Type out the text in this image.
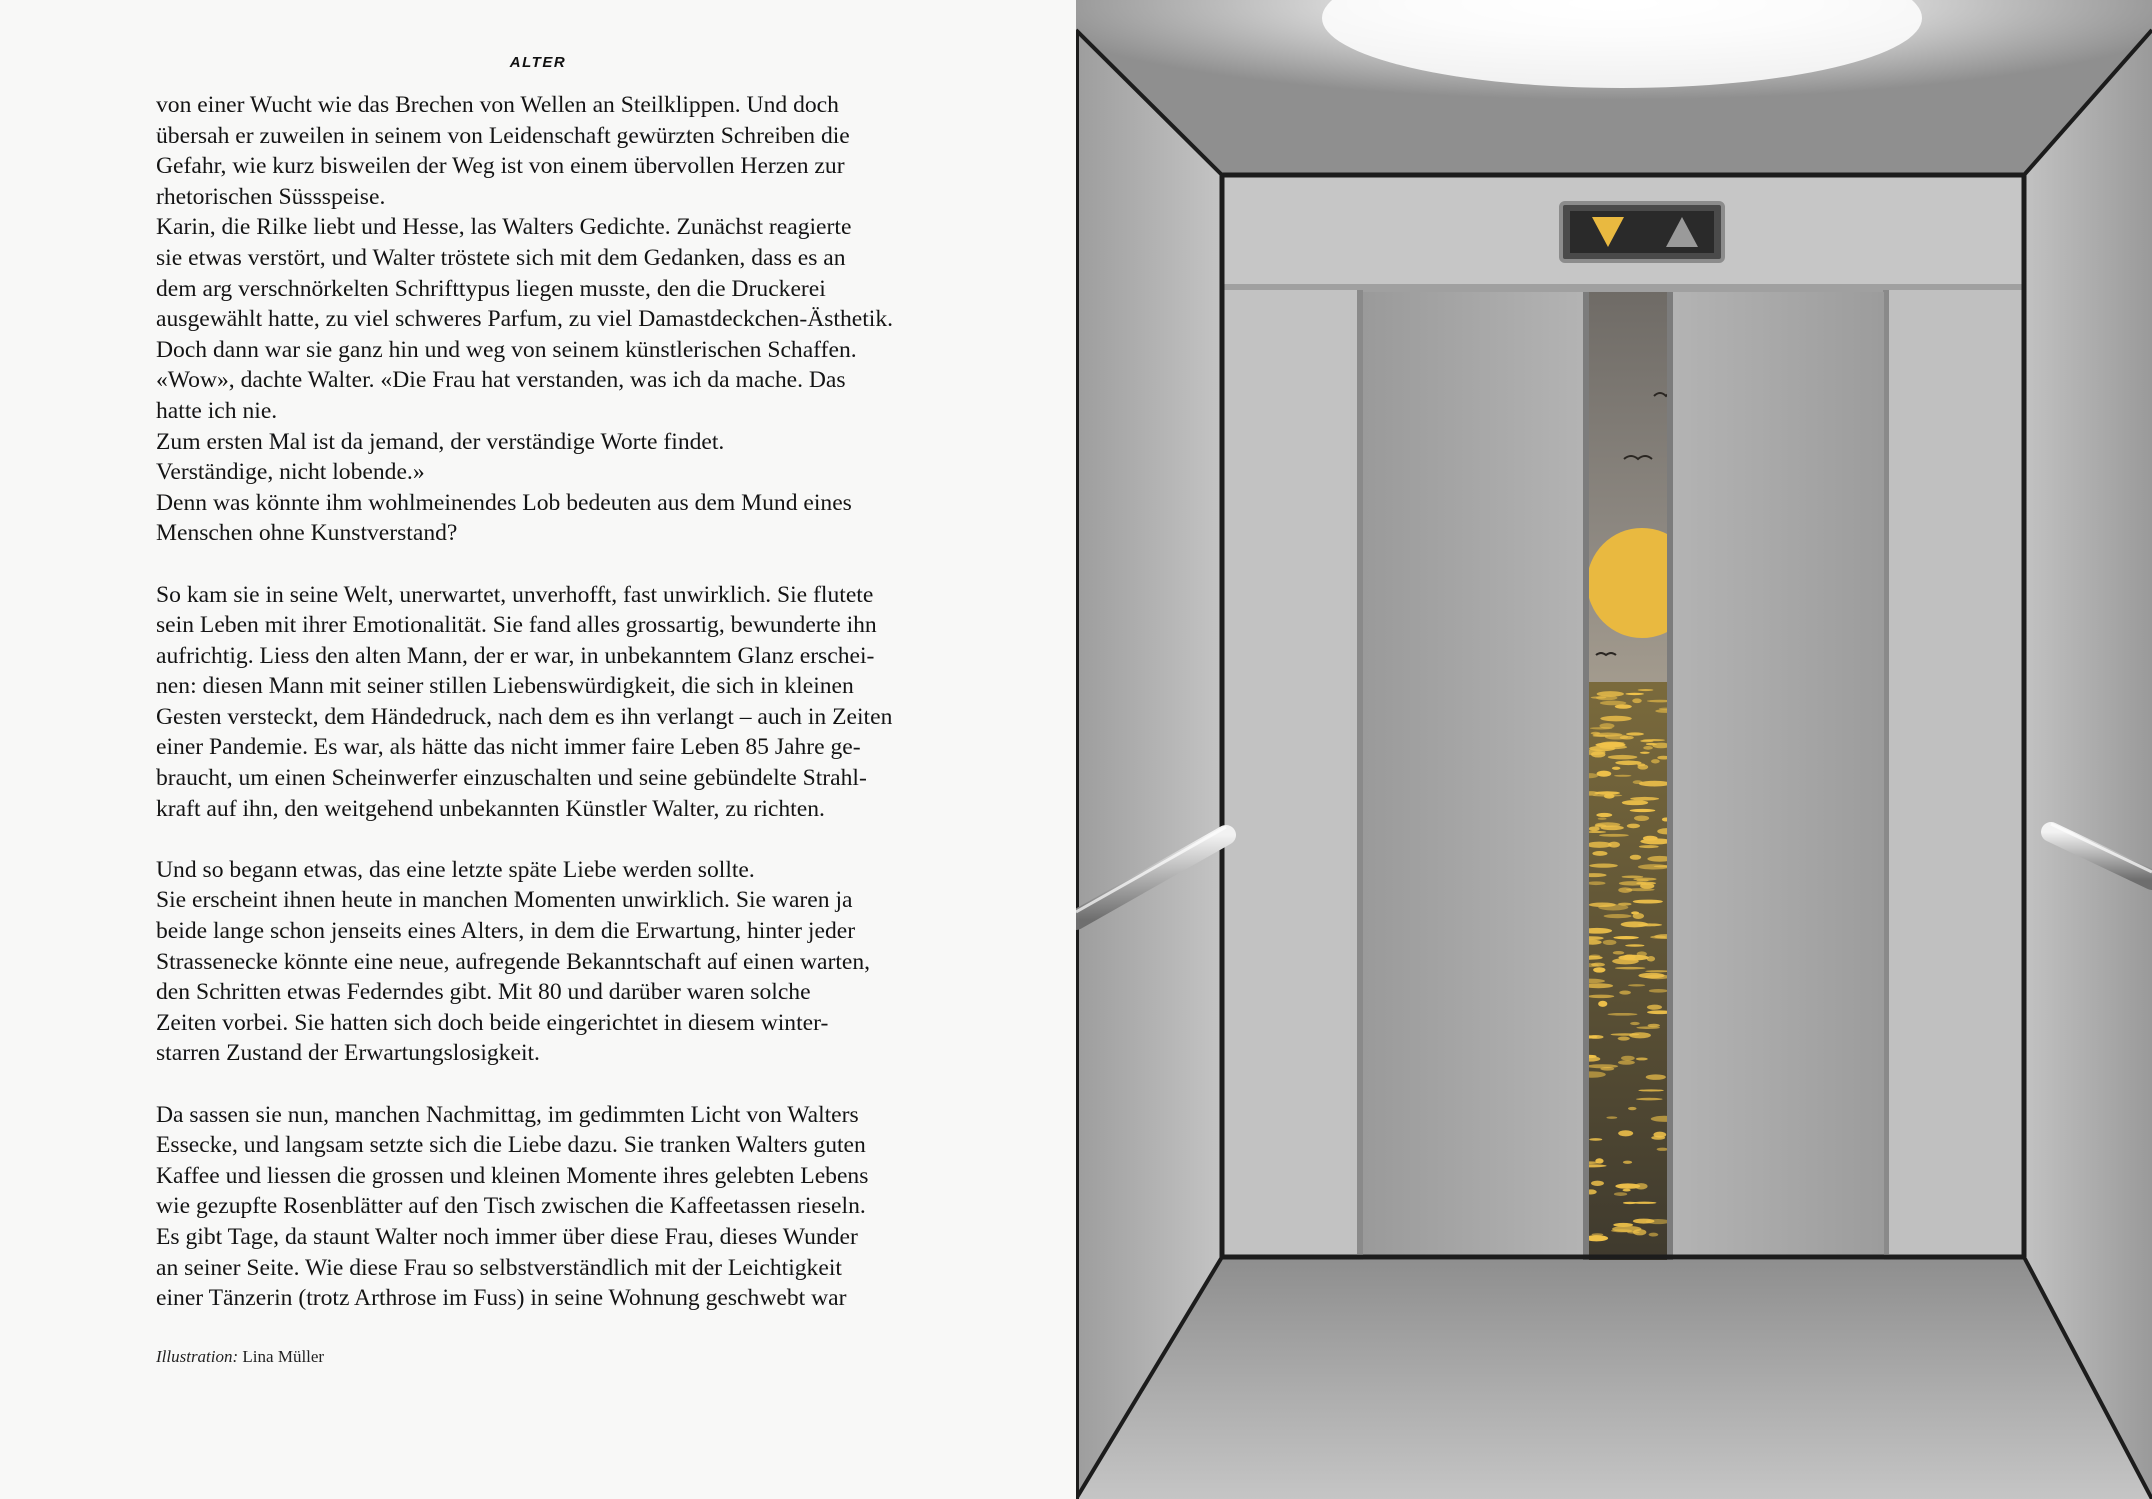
ALTER
von einer Wucht wie das Brechen von Wellen an Steilklippen. Und doch
übersah er zuweilen in seinem von Leidenschaft gewürzten Schreiben die
Gefahr, wie kurz bisweilen der Weg ist von einem übervollen Herzen zur
rhetorischen Süssspeise.
Karin, die Rilke liebt und Hesse, las Walters Gedichte. Zunächst reagierte
sie etwas verstört, und Walter tröstete sich mit dem Gedanken, dass es an
dem arg verschnörkelten Schrifttypus liegen musste, den die Druckerei
ausgewählt hatte, zu viel schweres Parfum, zu viel Damastdeckchen-Ästhetik.
Doch dann war sie ganz hin und weg von seinem künstlerischen Schaffen.
«Wow», dachte Walter. «Die Frau hat verstanden, was ich da mache. Das
hatte ich nie.
Zum ersten Mal ist da jemand, der verständige Worte findet.
Verständige, nicht lobende.»
Denn was könnte ihm wohlmeinendes Lob bedeuten aus dem Mund eines
Menschen ohne Kunstverstand?
So kam sie in seine Welt, unerwartet, unverhofft, fast unwirklich. Sie flutete
sein Leben mit ihrer Emotionalität. Sie fand alles grossartig, bewunderte ihn
aufrichtig. Liess den alten Mann, der er war, in unbekanntem Glanz erschei-
nen: diesen Mann mit seiner stillen Liebenswürdigkeit, die sich in kleinen
Gesten versteckt, dem Händedruck, nach dem es ihn verlangt – auch in Zeiten
einer Pandemie. Es war, als hätte das nicht immer faire Leben 85 Jahre ge-
braucht, um einen Scheinwerfer einzuschalten und seine gebündelte Strahl-
kraft auf ihn, den weitgehend unbekannten Künstler Walter, zu richten.
Und so begann etwas, das eine letzte späte Liebe werden sollte.
Sie erscheint ihnen heute in manchen Momenten unwirklich. Sie waren ja
beide lange schon jenseits eines Alters, in dem die Erwartung, hinter jeder
Strassenecke könnte eine neue, aufregende Bekanntschaft auf einen warten,
den Schritten etwas Federndes gibt. Mit 80 und darüber waren solche
Zeiten vorbei. Sie hatten sich doch beide eingerichtet in diesem winter-
starren Zustand der Erwartungslosigkeit.
Da sassen sie nun, manchen Nachmittag, im gedimmten Licht von Walters
Essecke, und langsam setzte sich die Liebe dazu. Sie tranken Walters guten
Kaffee und liessen die grossen und kleinen Momente ihres gelebten Lebens
wie gezupfte Rosenblätter auf den Tisch zwischen die Kaffeetassen rieseln.
Es gibt Tage, da staunt Walter noch immer über diese Frau, dieses Wunder
an seiner Seite. Wie diese Frau so selbstverständlich mit der Leichtigkeit
einer Tänzerin (trotz Arthrose im Fuss) in seine Wohnung geschwebt war
Illustration: Lina Müller
